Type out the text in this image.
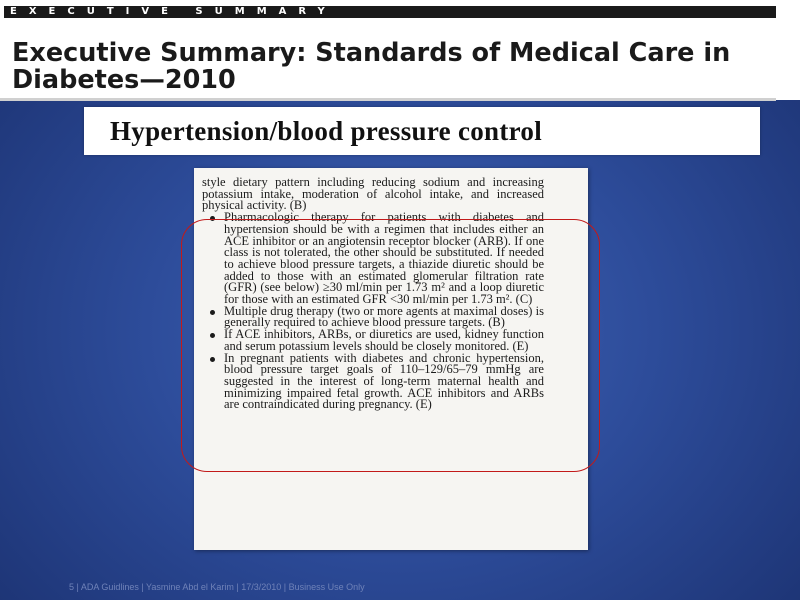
EXECUTIVE SUMMARY
Executive Summary: Standards of Medical Care in Diabetes—2010
Hypertension/blood pressure control

style dietary pattern including reducing sodium and increasing potassium intake, moderation of alcohol intake, and increased physical activity. (B)

Pharmacologic therapy for patients with diabetes and hypertension should be with a regimen that includes either an ACE inhibitor or an angiotensin receptor blocker (ARB). If one class is not tolerated, the other should be substituted. If needed to achieve blood pressure targets, a thiazide diuretic should be added to those with an estimated glomerular filtration rate (GFR) (see below) ≥30 ml/min per 1.73 m² and a loop diuretic for those with an estimated GFR <30 ml/min per 1.73 m². (C)
Multiple drug therapy (two or more agents at maximal doses) is generally required to achieve blood pressure targets. (B)
If ACE inhibitors, ARBs, or diuretics are used, kidney function and serum potassium levels should be closely monitored. (E)
In pregnant patients with diabetes and chronic hypertension, blood pressure target goals of 110–129/65–79 mmHg are suggested in the interest of long-term maternal health and minimizing impaired fetal growth. ACE inhibitors and ARBs are contraindicated during pregnancy. (E)
5 | ADA Guidlines | Yasmine Abd el Karim | 17/3/2010 | Business Use Only
